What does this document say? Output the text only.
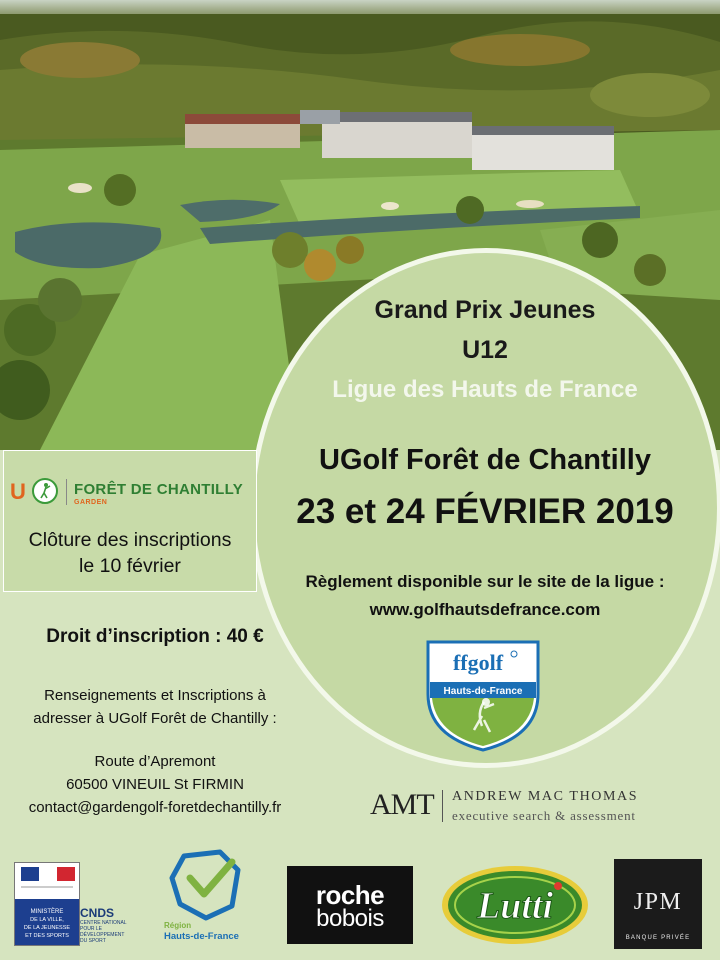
Grand Prix Jeunes
U12
Ligue des Hauts de France
UGolf Forêt de Chantilly
23 et 24 FÉVRIER 2019
Règlement disponible sur le site de la ligue :
www.golfhautsdefrance.com
U	FORÊT DE CHANTILLY
GARDEN
Clôture des inscriptions
le 10 février
Droit d’inscription : 40 €
Renseignements et Inscriptions à
adresser à UGolf Forêt de Chantilly :
Route d’Apremont
60500 VINEUIL St FIRMIN
contact@gardengolf-foretdechantilly.fr
ffgolf
Hauts-de-France
AMT ANDREW MAC THOMAS
executive search & assessment
MINISTÈRE
DE LA VILLE,
DE LA JEUNESSE
ET DES SPORTS
CNDS
CENTRE NATIONAL POUR LE DÉVELOPPEMENT DU SPORT
Région
Hauts-de-France
roche
bobois	Lutti	JPM
BANQUE PRIVÉE
